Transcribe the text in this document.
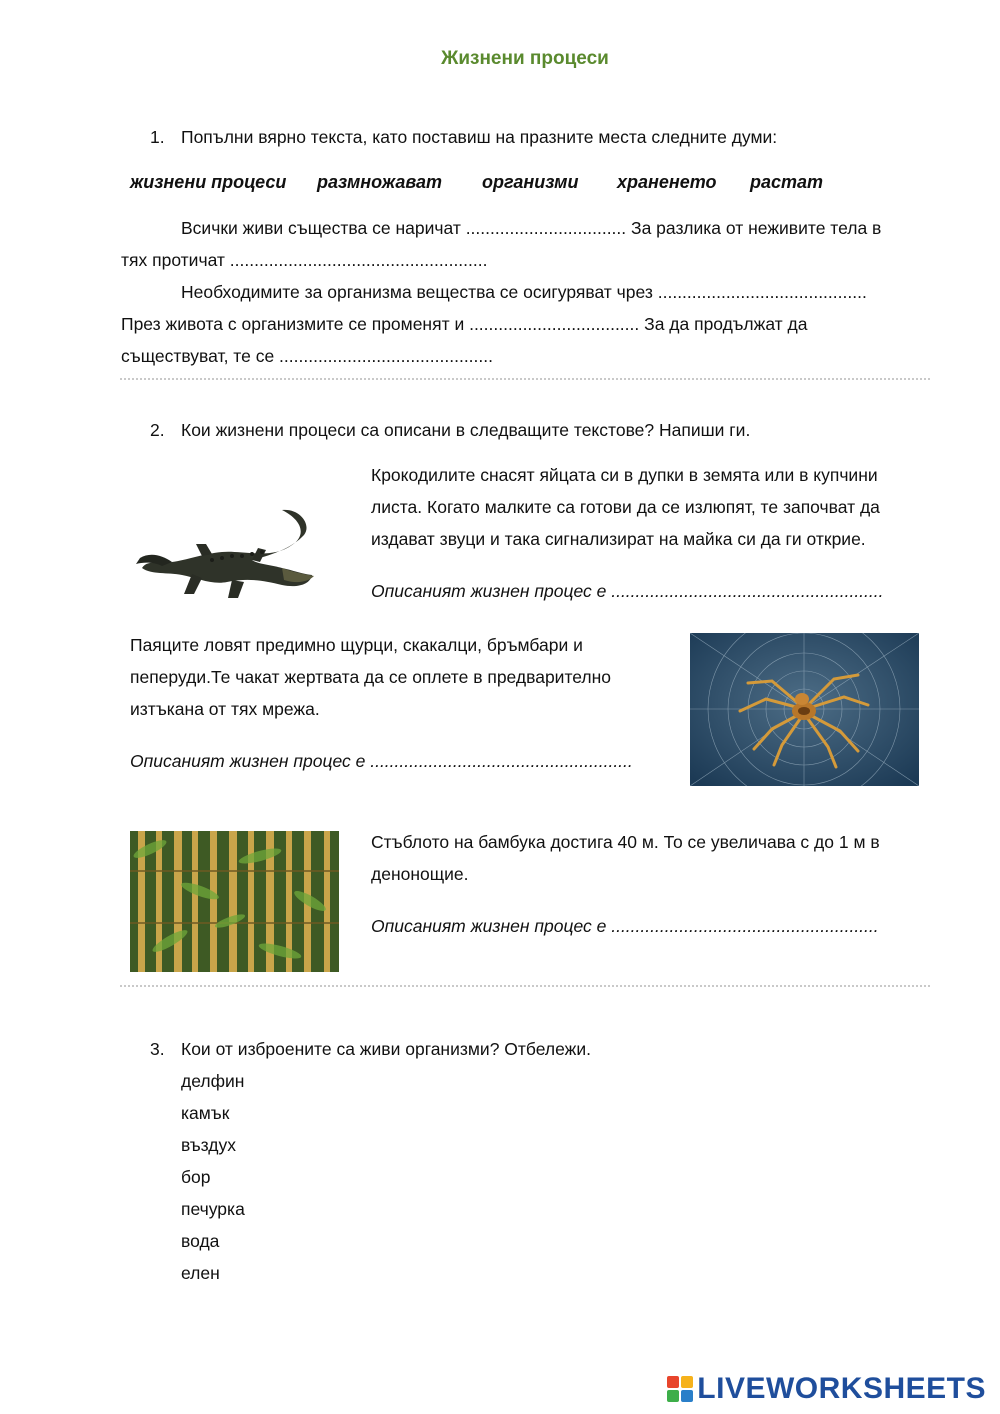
Жизнени процеси
1. Попълни вярно текста, като поставиш на празните места следните думи:
жизнени процеси размножават организми храненето растат
Всички живи същества се наричат ................................. За разлика от неживите тела в
тях протичат .....................................................
Необходимите за организма вещества се осигуряват чрез ...........................................
През живота с организмите се променят и ................................... За да продължат да
съществуват, те се ............................................
2. Кои жизнени процеси са описани в следващите текстове? Напиши ги.
Крокодилите снасят яйцата си в дупки в земята или в купчини
листа. Когато малките са готови да се излюпят, те започват да
издават звуци и така сигнализират на майка си да ги открие.
Описаният жизнен процес е ........................................................
Паяците ловят предимно щурци, скакалци, бръмбари и
пеперуди.Те чакат жертвата да се оплете в предварително
изтъкана от тях мрежа.
Описаният жизнен процес е ......................................................
Стъблото на бамбука достига 40 м. То се увеличава с до 1 м в
денонощие.
Описаният жизнен процес е .......................................................
3. Кои от изброените са живи организми? Отбележи.
делфин
камък
въздух
бор
печурка
вода
елен
LIVEWORKSHEETS
